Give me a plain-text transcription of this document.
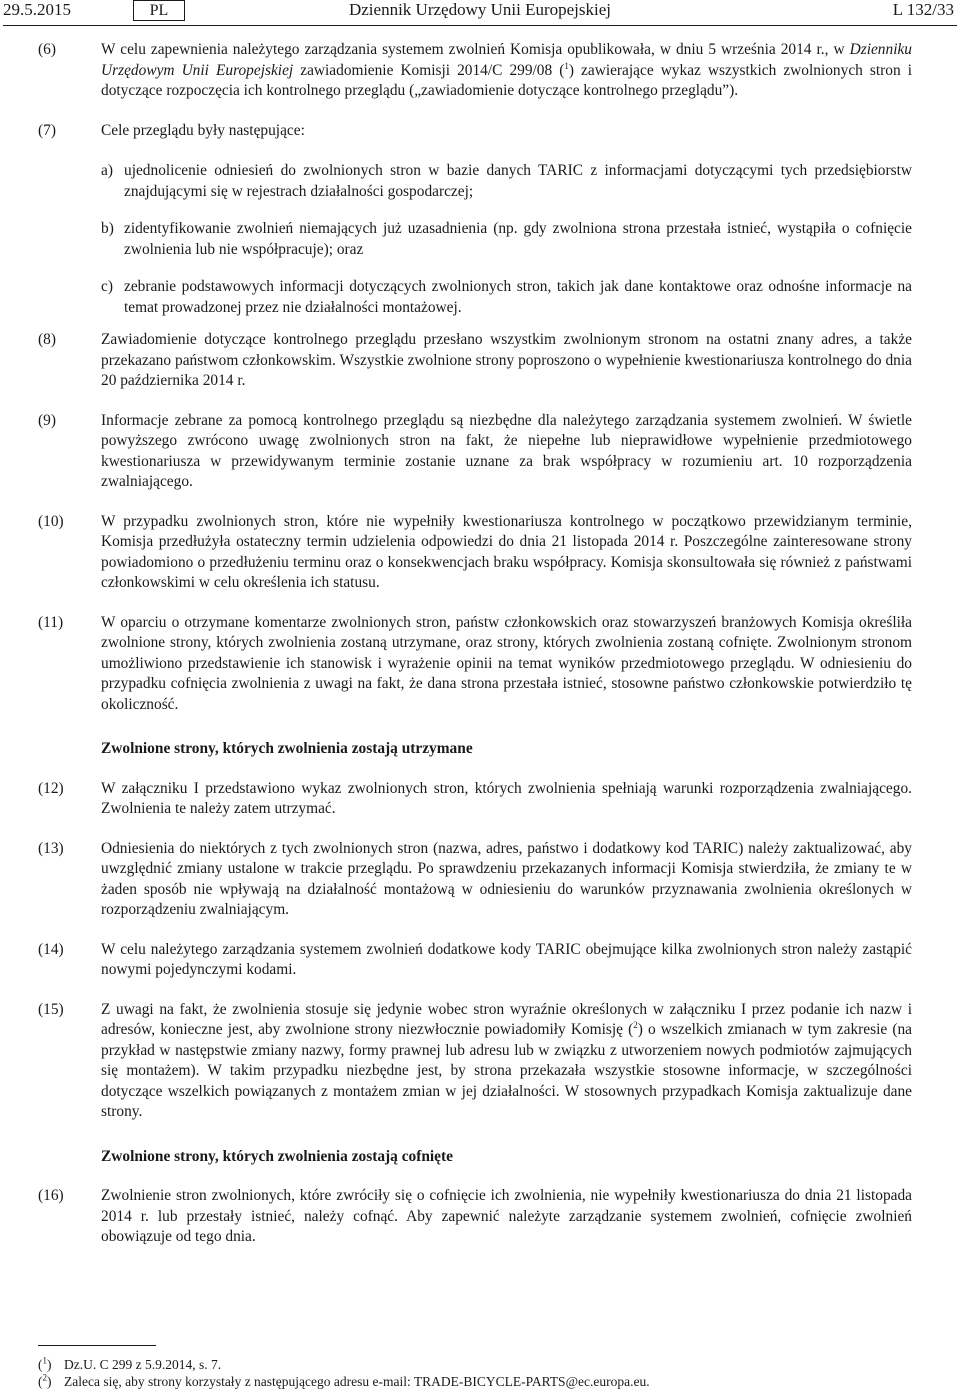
29.5.2015	PL	Dziennik Urzędowy Unii Europejskiej	L 132/33
(6)	W celu zapewnienia należytego zarządzania systemem zwolnień Komisja opublikowała, w dniu 5 września 2014 r., w Dzienniku Urzędowym Unii Europejskiej zawiadomienie Komisji 2014/C 299/08 ($^1$) zawierające wykaz wszystkich zwolnionych stron i dotyczące rozpoczęcia ich kontrolnego przeglądu („zawiadomienie dotyczące kontrolnego przeglądu”).
(7)	Cele przeglądu były następujące:
a) ujednolicenie odniesień do zwolnionych stron w bazie danych TARIC z informacjami dotyczącymi tych przedsiębiorstw znajdującymi się w rejestrach działalności gospodarczej;
b) zidentyfikowanie zwolnień niemających już uzasadnienia (np. gdy zwolniona strona przestała istnieć, wystąpiła o cofnięcie zwolnienia lub nie współpracuje); oraz
c) zebranie podstawowych informacji dotyczących zwolnionych stron, takich jak dane kontaktowe oraz odnośne informacje na temat prowadzonej przez nie działalności montażowej.
(8)	Zawiadomienie dotyczące kontrolnego przeglądu przesłano wszystkim zwolnionym stronom na ostatni znany adres, a także przekazano państwom członkowskim. Wszystkie zwolnione strony poproszono o wypełnienie kwestionariusza kontrolnego do dnia 20 października 2014 r.
(9)	Informacje zebrane za pomocą kontrolnego przeglądu są niezbędne dla należytego zarządzania systemem zwolnień. W świetle powyższego zwrócono uwagę zwolnionych stron na fakt, że niepełne lub nieprawidłowe wypełnienie przedmiotowego kwestionariusza w przewidywanym terminie zostanie uznane za brak współpracy w rozumieniu art. 10 rozporządzenia zwalniającego.
(10) W przypadku zwolnionych stron, które nie wypełniły kwestionariusza kontrolnego w początkowo przewidzianym terminie, Komisja przedłużyła ostateczny termin udzielenia odpowiedzi do dnia 21 listopada 2014 r. Poszczególne zainteresowane strony powiadomiono o przedłużeniu terminu oraz o konsekwencjach braku współpracy. Komisja skonsultowała się również z państwami członkowskimi w celu określenia ich statusu.
(11) W oparciu o otrzymane komentarze zwolnionych stron, państw członkowskich oraz stowarzyszeń branżowych Komisja określiła zwolnione strony, których zwolnienia zostaną utrzymane, oraz strony, których zwolnienia zostaną cofnięte. Zwolnionym stronom umożliwiono przedstawienie ich stanowisk i wyrażenie opinii na temat wyników przedmiotowego przeglądu. W odniesieniu do przypadku cofnięcia zwolnienia z uwagi na fakt, że dana strona przestała istnieć, stosowne państwo członkowskie potwierdziło tę okoliczność.
Zwolnione strony, których zwolnienia zostają utrzymane
(12) W załączniku I przedstawiono wykaz zwolnionych stron, których zwolnienia spełniają warunki rozporządzenia zwalniającego. Zwolnienia te należy zatem utrzymać.
(13) Odniesienia do niektórych z tych zwolnionych stron (nazwa, adres, państwo i dodatkowy kod TARIC) należy zaktualizować, aby uwzględnić zmiany ustalone w trakcie przeglądu. Po sprawdzeniu przekazanych informacji Komisja stwierdziła, że zmiany te w żaden sposób nie wpływają na działalność montażową w odniesieniu do warunków przyznawania zwolnienia określonych w rozporządzeniu zwalniającym.
(14) W celu należytego zarządzania systemem zwolnień dodatkowe kody TARIC obejmujące kilka zwolnionych stron należy zastąpić nowymi pojedynczymi kodami.
(15) Z uwagi na fakt, że zwolnienia stosuje się jedynie wobec stron wyraźnie określonych w załączniku I przez podanie ich nazw i adresów, konieczne jest, aby zwolnione strony niezwłocznie powiadomiły Komisję ($^2$) o wszelkich zmianach w tym zakresie (na przykład w następstwie zmiany nazwy, formy prawnej lub adresu lub w związku z utworzeniem nowych podmiotów zajmujących się montażem). W takim przypadku niezbędne jest, by strona przekazała wszystkie stosowne informacje, w szczególności dotyczące wszelkich powiązanych z montażem zmian w jej działalności. W stosownych przypadkach Komisja zaktualizuje dane strony.
Zwolnione strony, których zwolnienia zostają cofnięte
(16) Zwolnienie stron zwolnionych, które zwróciły się o cofnięcie ich zwolnienia, nie wypełniły kwestionariusza do dnia 21 listopada 2014 r. lub przestały istnieć, należy cofnąć. Aby zapewnić należyte zarządzanie systemem zwolnień, cofnięcie zwolnień obowiązuje od tego dnia.
($^1$) Dz.U. C 299 z 5.9.2014, s. 7.
($^2$) Zaleca się, aby strony korzystały z następującego adresu e-mail: TRADE-BICYCLE-PARTS@ec.europa.eu.
